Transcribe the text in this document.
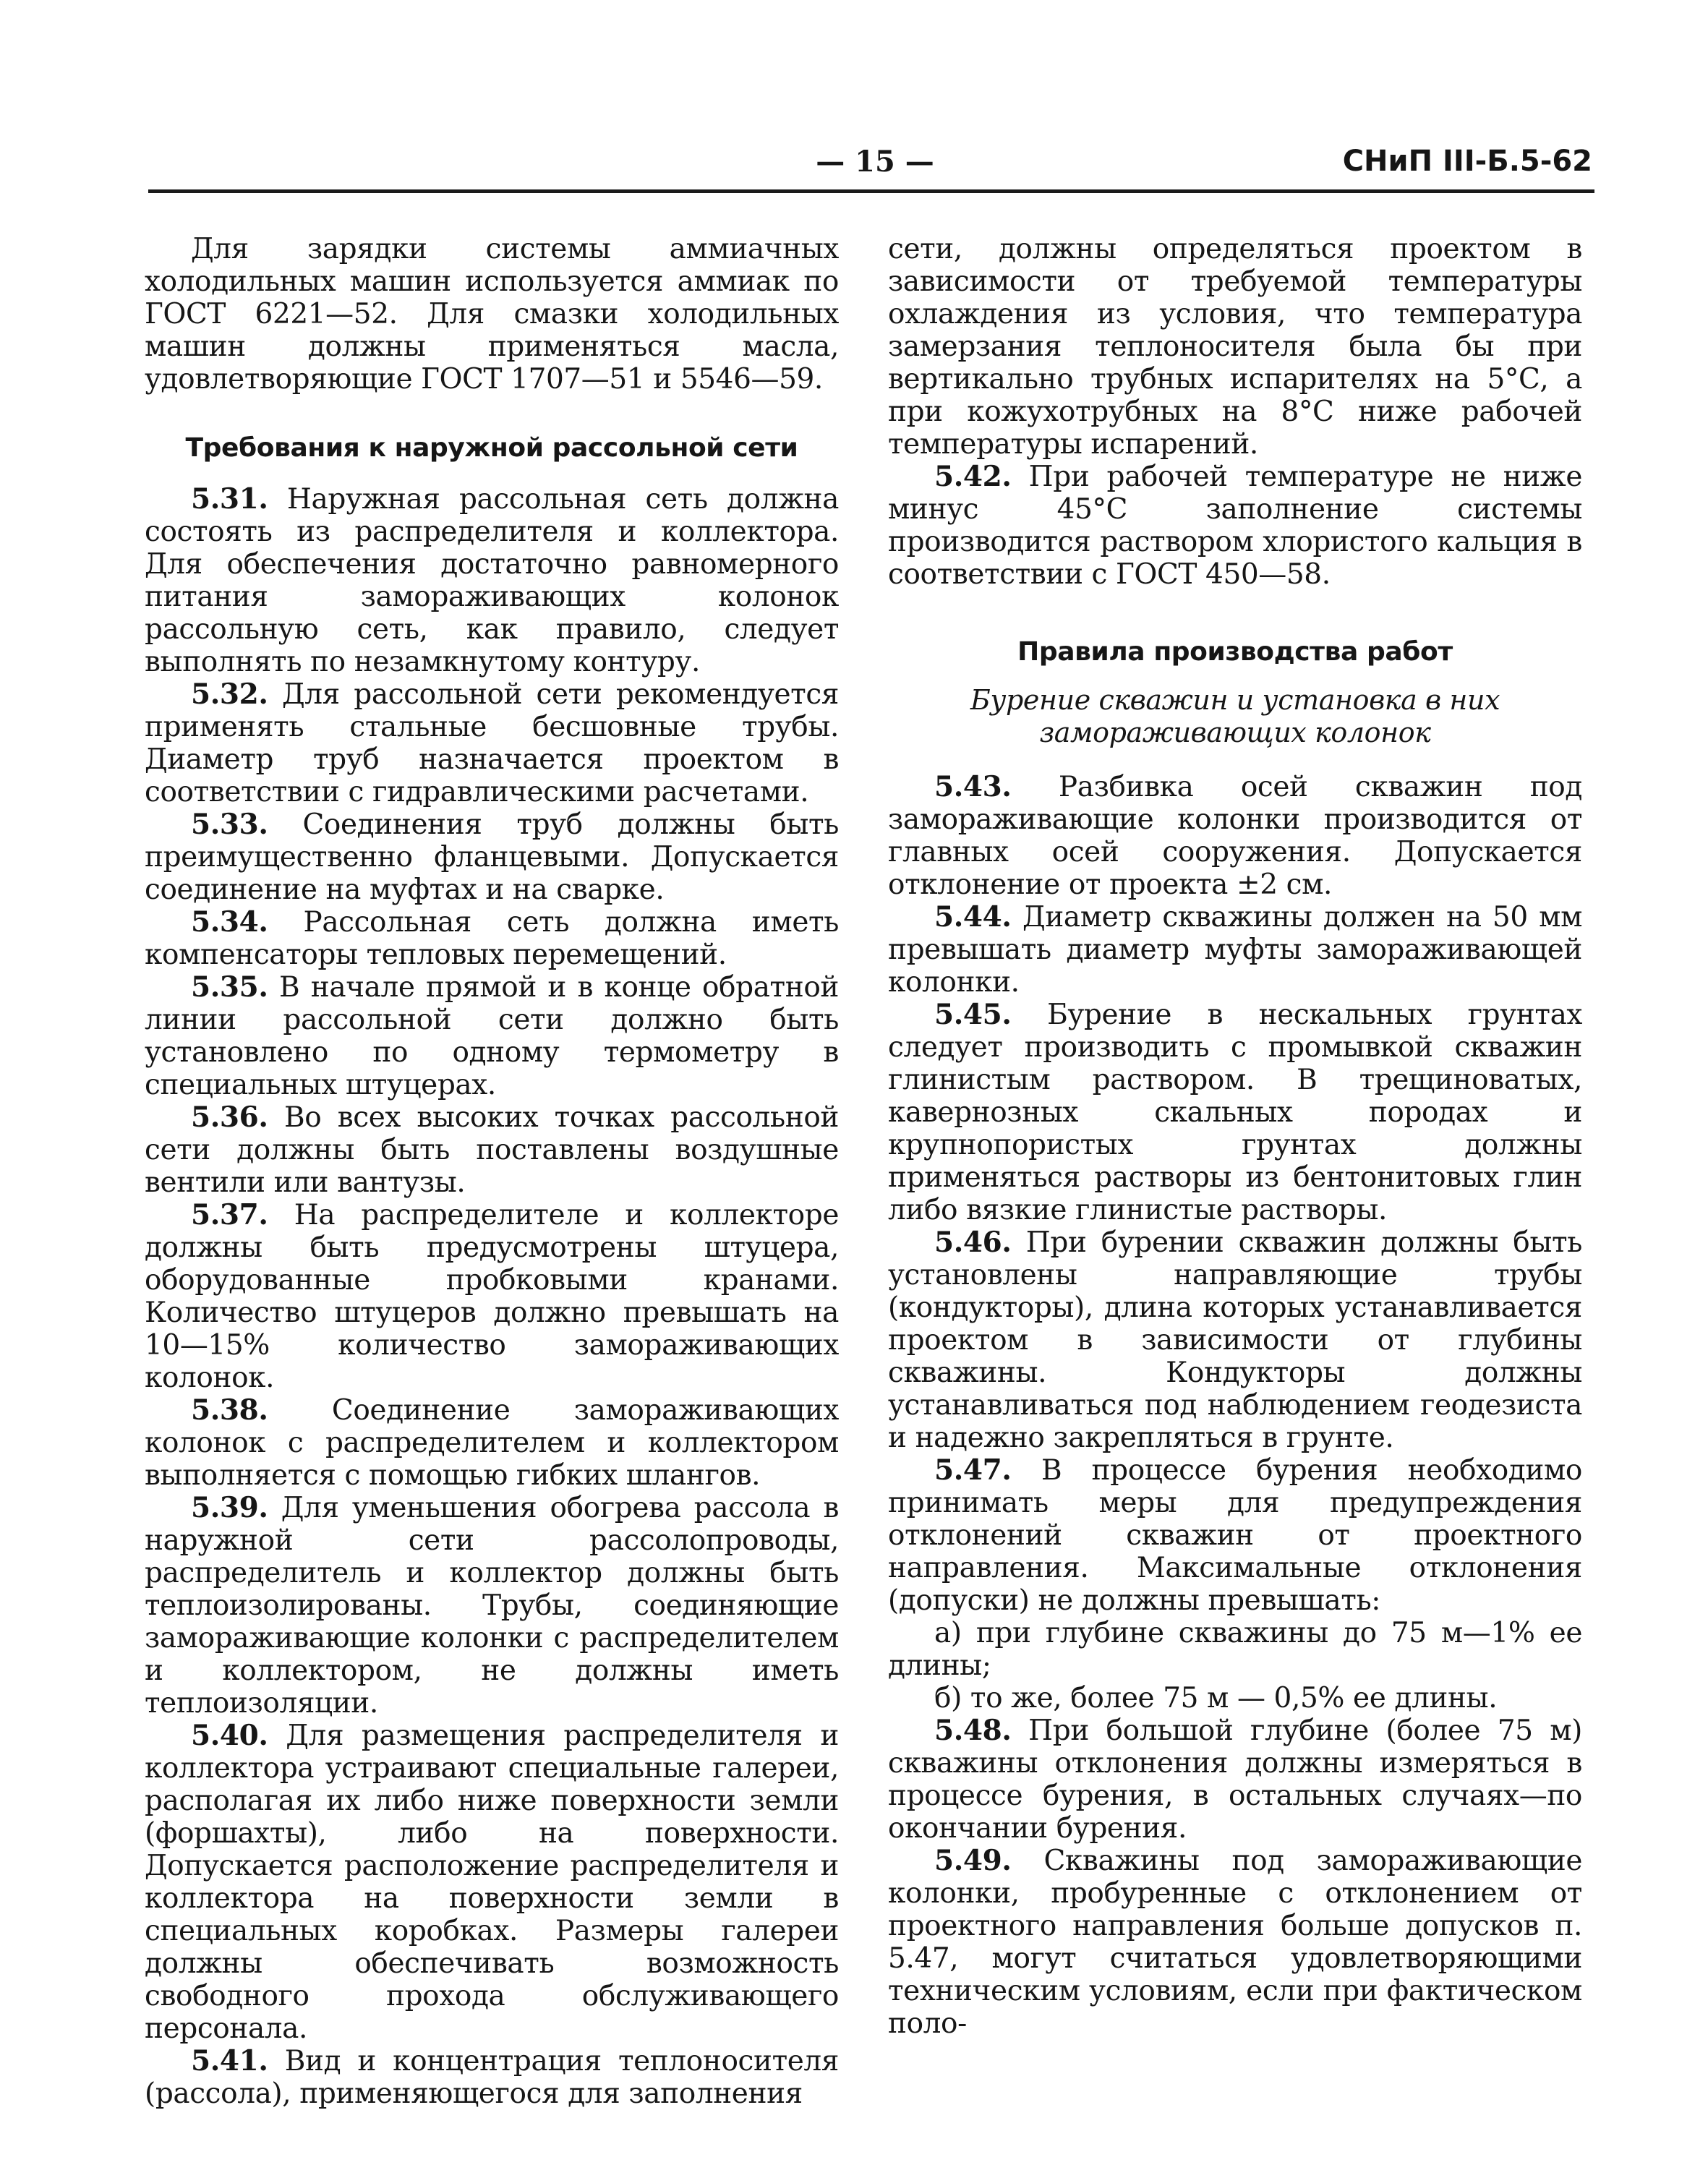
— 15 —	СНиП III-Б.5-62

Для зарядки системы аммиачных холодильных машин используется аммиак по ГОСТ 6221—52. Для смазки холодильных машин должны применяться масла, удовлетворяющие ГОСТ 1707—51 и 5546—59.

Требования к наружной рассольной сети

5.31. Наружная рассольная сеть должна состоять из распределителя и коллектора. Для обеспечения достаточно равномерного питания замораживающих колонок рассольную сеть, как правило, следует выполнять по незамкнутому контуру.

5.32. Для рассольной сети рекомендуется применять стальные бесшовные трубы. Диаметр труб назначается проектом в соответствии с гидравлическими расчетами.

5.33. Соединения труб должны быть преимущественно фланцевыми. Допускается соединение на муфтах и на сварке.

5.34. Рассольная сеть должна иметь компенсаторы тепловых перемещений.

5.35. В начале прямой и в конце обратной линии рассольной сети должно быть установлено по одному термометру в специальных штуцерах.

5.36. Во всех высоких точках рассольной сети должны быть поставлены воздушные вентили или вантузы.

5.37. На распределителе и коллекторе должны быть предусмотрены штуцера, оборудованные пробковыми кранами. Количество штуцеров должно превышать на 10—15% количество замораживающих колонок.

5.38. Соединение замораживающих колонок с распределителем и коллектором выполняется с помощью гибких шлангов.

5.39. Для уменьшения обогрева рассола в наружной сети рассолопроводы, распределитель и коллектор должны быть теплоизолированы. Трубы, соединяющие замораживающие колонки с распределителем и коллектором, не должны иметь теплоизоляции.

5.40. Для размещения распределителя и коллектора устраивают специальные галереи, располагая их либо ниже поверхности земли (форшахты), либо на поверхности. Допускается расположение распределителя и коллектора на поверхности земли в специальных коробках. Размеры галереи должны обеспечивать возможность свободного прохода обслуживающего персонала.

5.41. Вид и концентрация теплоносителя (рассола), применяющегося для заполнения

сети, должны определяться проектом в зависимости от требуемой температуры охлаждения из условия, что температура замерзания теплоносителя была бы при вертикально трубных испарителях на 5°С, а при кожухотрубных на 8°С ниже рабочей температуры испарений.

5.42. При рабочей температуре не ниже минус 45°С заполнение системы производится раствором хлористого кальция в соответствии с ГОСТ 450—58.

Правила производства работ
Бурение скважин и установка в них замораживающих колонок

5.43. Разбивка осей скважин под замораживающие колонки производится от главных осей сооружения. Допускается отклонение от проекта ±2 см.

5.44. Диаметр скважины должен на 50 мм превышать диаметр муфты замораживающей колонки.

5.45. Бурение в нескальных грунтах следует производить с промывкой скважин глинистым раствором. В трещиноватых, кавернозных скальных породах и крупнопористых грунтах должны применяться растворы из бентонитовых глин либо вязкие глинистые растворы.

5.46. При бурении скважин должны быть установлены направляющие трубы (кондукторы), длина которых устанавливается проектом в зависимости от глубины скважины. Кондукторы должны устанавливаться под наблюдением геодезиста и надежно закрепляться в грунте.

5.47. В процессе бурения необходимо принимать меры для предупреждения отклонений скважин от проектного направления. Максимальные отклонения (допуски) не должны превышать:

а) при глубине скважины до 75 м—1% ее длины;

б) то же, более 75 м — 0,5% ее длины.

5.48. При большой глубине (более 75 м) скважины отклонения должны измеряться в процессе бурения, в остальных случаях—по окончании бурения.

5.49. Скважины под замораживающие колонки, пробуренные с отклонением от проектного направления больше допусков п. 5.47, могут считаться удовлетворяющими техническим условиям, если при фактическом поло-
